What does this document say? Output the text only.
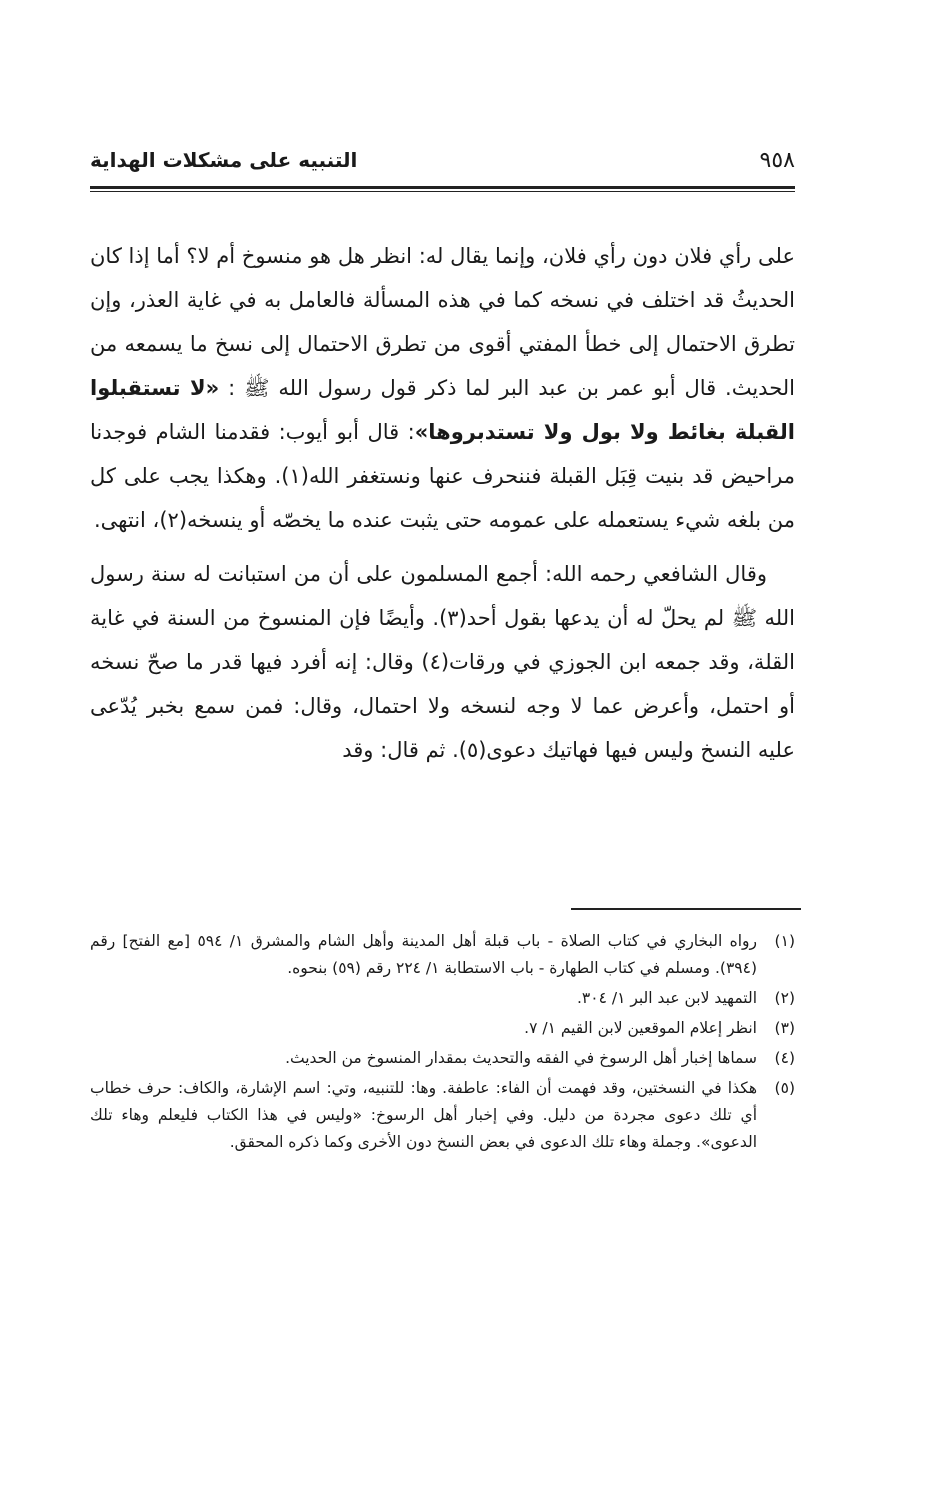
٩٥٨
التنبيه على مشكلات الهداية

على رأي فلان دون رأي فلان، وإنما يقال له: انظر هل هو منسوخ أم لا؟ أما إذا كان الحديثُ قد اختلف في نسخه كما في هذه المسألة فالعامل به في غاية العذر، وإن تطرق الاحتمال إلى خطأ المفتي أقوى من تطرق الاحتمال إلى نسخ ما يسمعه من الحديث. قال أبو عمر بن عبد البر لما ذكر قول رسول الله ﷺ : «لا تستقبلوا القبلة بغائط ولا بول ولا تستدبروها»: قال أبو أيوب: فقدمنا الشام فوجدنا مراحيض قد بنيت قِبَل القبلة فننحرف عنها ونستغفر الله(١). وهكذا يجب على كل من بلغه شيء يستعمله على عمومه حتى يثبت عنده ما يخصّه أو ينسخه(٢)، انتهى.

وقال الشافعي رحمه الله: أجمع المسلمون على أن من استبانت له سنة رسول الله ﷺ لم يحلّ له أن يدعها بقول أحد(٣). وأيضًا فإن المنسوخ من السنة في غاية القلة، وقد جمعه ابن الجوزي في ورقات(٤) وقال: إنه أفرد فيها قدر ما صحّ نسخه أو احتمل، وأعرض عما لا وجه لنسخه ولا احتمال، وقال: فمن سمع بخبر يُدّعى عليه النسخ وليس فيها فهاتيك دعوى(٥). ثم قال: وقد

(١)
رواه البخاري في كتاب الصلاة - باب قبلة أهل المدينة وأهل الشام والمشرق ١/ ٥٩٤ [مع الفتح] رقم (٣٩٤). ومسلم في كتاب الطهارة - باب الاستطابة ١/ ٢٢٤ رقم (٥٩) بنحوه.
(٢)
التمهيد لابن عبد البر ١/ ٣٠٤.
(٣)
انظر إعلام الموقعين لابن القيم ١/ ٧.
(٤)
سماها إخبار أهل الرسوخ في الفقه والتحديث بمقدار المنسوخ من الحديث.
(٥)
هكذا في النسختين، وقد فهمت أن الفاء: عاطفة. وها: للتنبيه، وتي: اسم الإشارة، والكاف: حرف خطاب أي تلك دعوى مجردة من دليل. وفي إخبار أهل الرسوخ: «وليس في هذا الكتاب فليعلم وهاء تلك الدعوى». وجملة وهاء تلك الدعوى في بعض النسخ دون الأخرى وكما ذكره المحقق.
